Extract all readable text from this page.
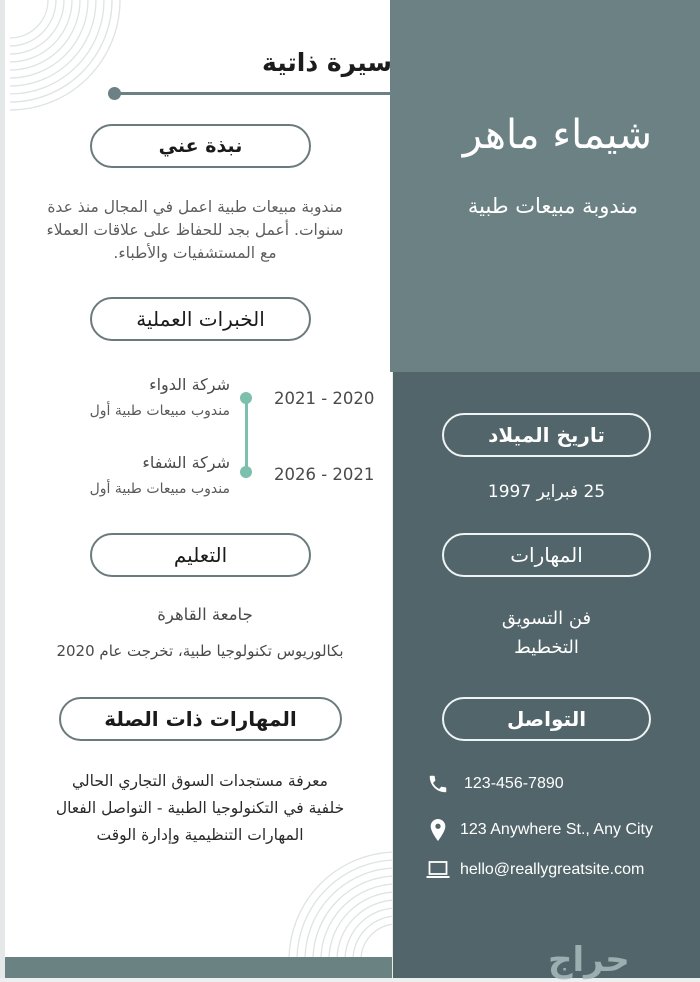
سيرة ذاتية
نبذة عني
مندوبة مبيعات طبية اعمل في المجال منذ عدة
سنوات. أعمل بجد للحفاظ على علاقات العملاء
مع المستشفيات والأطباء.
الخبرات العملية
شركة الدواء
مندوب مبيعات طبية أول
2021 - 2020
شركة الشفاء
مندوب مبيعات طبية أول
2026 - 2021
التعليم
جامعة القاهرة
بكالوريوس تكنولوجيا طبية، تخرجت عام 2020
المهارات ذات الصلة
معرفة مستجدات السوق التجاري الحالي
خلفية في التكنولوجيا الطبية - التواصل الفعال
المهارات التنظيمية وإدارة الوقت
شيماء ماهر
مندوبة مبيعات طبية
تاريخ الميلاد
25 فبراير 1997
المهارات
فن التسويق
التخطيط
التواصل
123-456-7890
123 Anywhere St., Any City
hello@reallygreatsite.com
حراج
